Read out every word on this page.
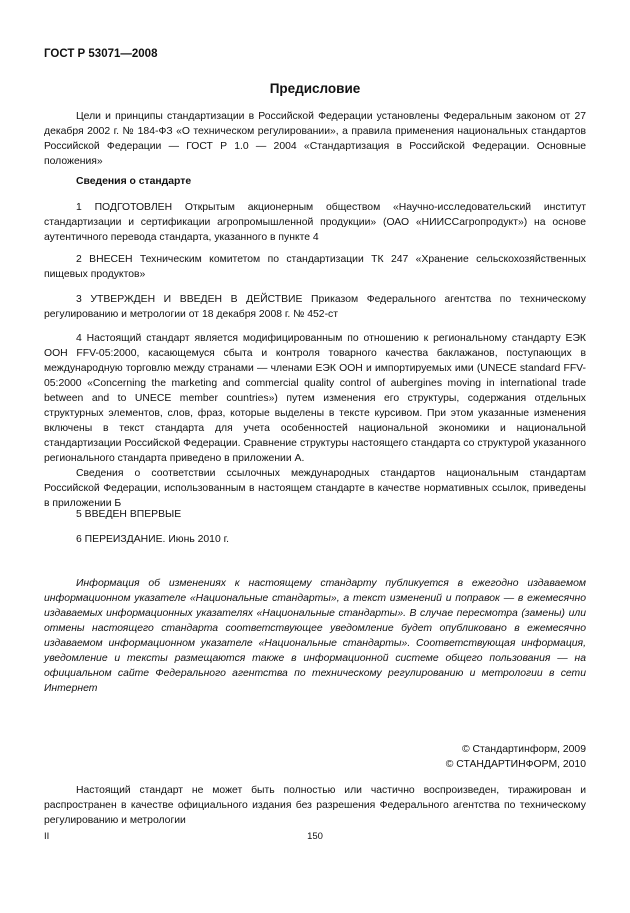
ГОСТ Р 53071—2008
Предисловие

Цели и принципы стандартизации в Российской Федерации установлены Федеральным законом от 27 декабря 2002 г. № 184-ФЗ «О техническом регулировании», а правила применения национальных стандартов Российской Федерации — ГОСТ Р 1.0 — 2004 «Стандартизация в Российской Федерации. Основные положения»

Сведения о стандарте

1 ПОДГОТОВЛЕН Открытым акционерным обществом «Научно-исследовательский институт стандартизации и сертификации агропромышленной продукции» (ОАО «НИИССагропродукт») на основе аутентичного перевода стандарта, указанного в пункте 4

2 ВНЕСЕН Техническим комитетом по стандартизации ТК 247 «Хранение сельскохозяйственных пищевых продуктов»

3 УТВЕРЖДЕН И ВВЕДЕН В ДЕЙСТВИЕ Приказом Федерального агентства по техническому регулированию и метрологии от 18 декабря 2008 г. № 452-ст

4 Настоящий стандарт является модифицированным по отношению к региональному стандарту ЕЭК ООН FFV-05:2000, касающемуся сбыта и контроля товарного качества баклажанов, поступающих в международную торговлю между странами — членами ЕЭК ООН и импортируемых ими (UNECE standard FFV-05:2000 «Concerning the marketing and commercial quality control of aubergines moving in international trade between and to UNECE member countries») путем изменения его структуры, содержания отдельных структурных элементов, слов, фраз, которые выделены в тексте курсивом. При этом указанные изменения включены в текст стандарта для учета особенностей национальной экономики и национальной стандартизации Российской Федерации. Сравнение структуры настоящего стандарта со структурой указанного регионального стандарта приведено в приложении А.

Сведения о соответствии ссылочных международных стандартов национальным стандартам Российской Федерации, использованным в настоящем стандарте в качестве нормативных ссылок, приведены в приложении Б

5 ВВЕДЕН ВПЕРВЫЕ

6 ПЕРЕИЗДАНИЕ. Июнь 2010 г.

Информация об изменениях к настоящему стандарту публикуется в ежегодно издаваемом информационном указателе «Национальные стандарты», а текст изменений и поправок — в ежемесячно издаваемых информационных указателях «Национальные стандарты». В случае пересмотра (замены) или отмены настоящего стандарта соответствующее уведомление будет опубликовано в ежемесячно издаваемом информационном указателе «Национальные стандарты». Соответствующая информация, уведомление и тексты размещаются также в информационной системе общего пользования — на официальном сайте Федерального агентства по техническому регулированию и метрологии в сети Интернет

© Стандартинформ, 2009
© СТАНДАРТИНФОРМ, 2010

Настоящий стандарт не может быть полностью или частично воспроизведен, тиражирован и распространен в качестве официального издания без разрешения Федерального агентства по техническому регулированию и метрологии

II	150
